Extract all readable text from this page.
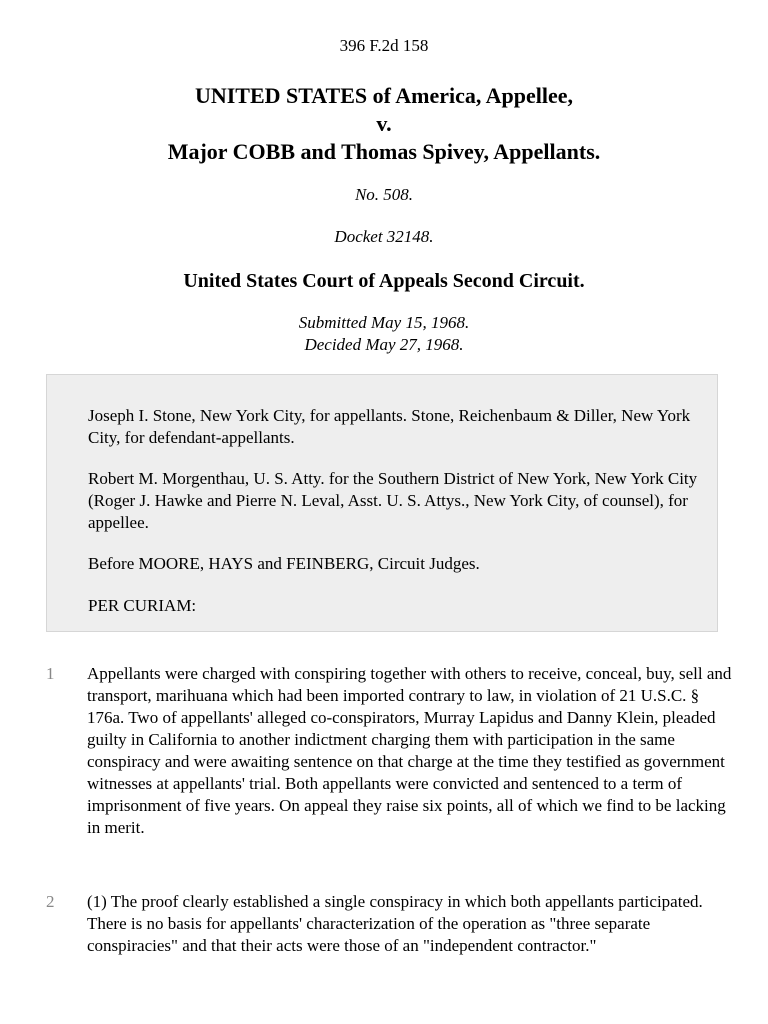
396 F.2d 158
UNITED STATES of America, Appellee,
v.
Major COBB and Thomas Spivey, Appellants.
No. 508.
Docket 32148.
United States Court of Appeals Second Circuit.
Submitted May 15, 1968.
Decided May 27, 1968.

Joseph I. Stone, New York City, for appellants. Stone, Reichenbaum & Diller, New York City, for defendant-appellants.

Robert M. Morgenthau, U. S. Atty. for the Southern District of New York, New York City (Roger J. Hawke and Pierre N. Leval, Asst. U. S. Attys., New York City, of counsel), for appellee.

Before MOORE, HAYS and FEINBERG, Circuit Judges.

PER CURIAM:

1 Appellants were charged with conspiring together with others to receive, conceal, buy, sell and transport, marihuana which had been imported contrary to law, in violation of 21 U.S.C. § 176a. Two of appellants' alleged co-conspirators, Murray Lapidus and Danny Klein, pleaded guilty in California to another indictment charging them with participation in the same conspiracy and were awaiting sentence on that charge at the time they testified as government witnesses at appellants' trial. Both appellants were convicted and sentenced to a term of imprisonment of five years. On appeal they raise six points, all of which we find to be lacking in merit.

2 (1) The proof clearly established a single conspiracy in which both appellants participated. There is no basis for appellants' characterization of the operation as "three separate conspiracies" and that their acts were those of an "independent contractor."
